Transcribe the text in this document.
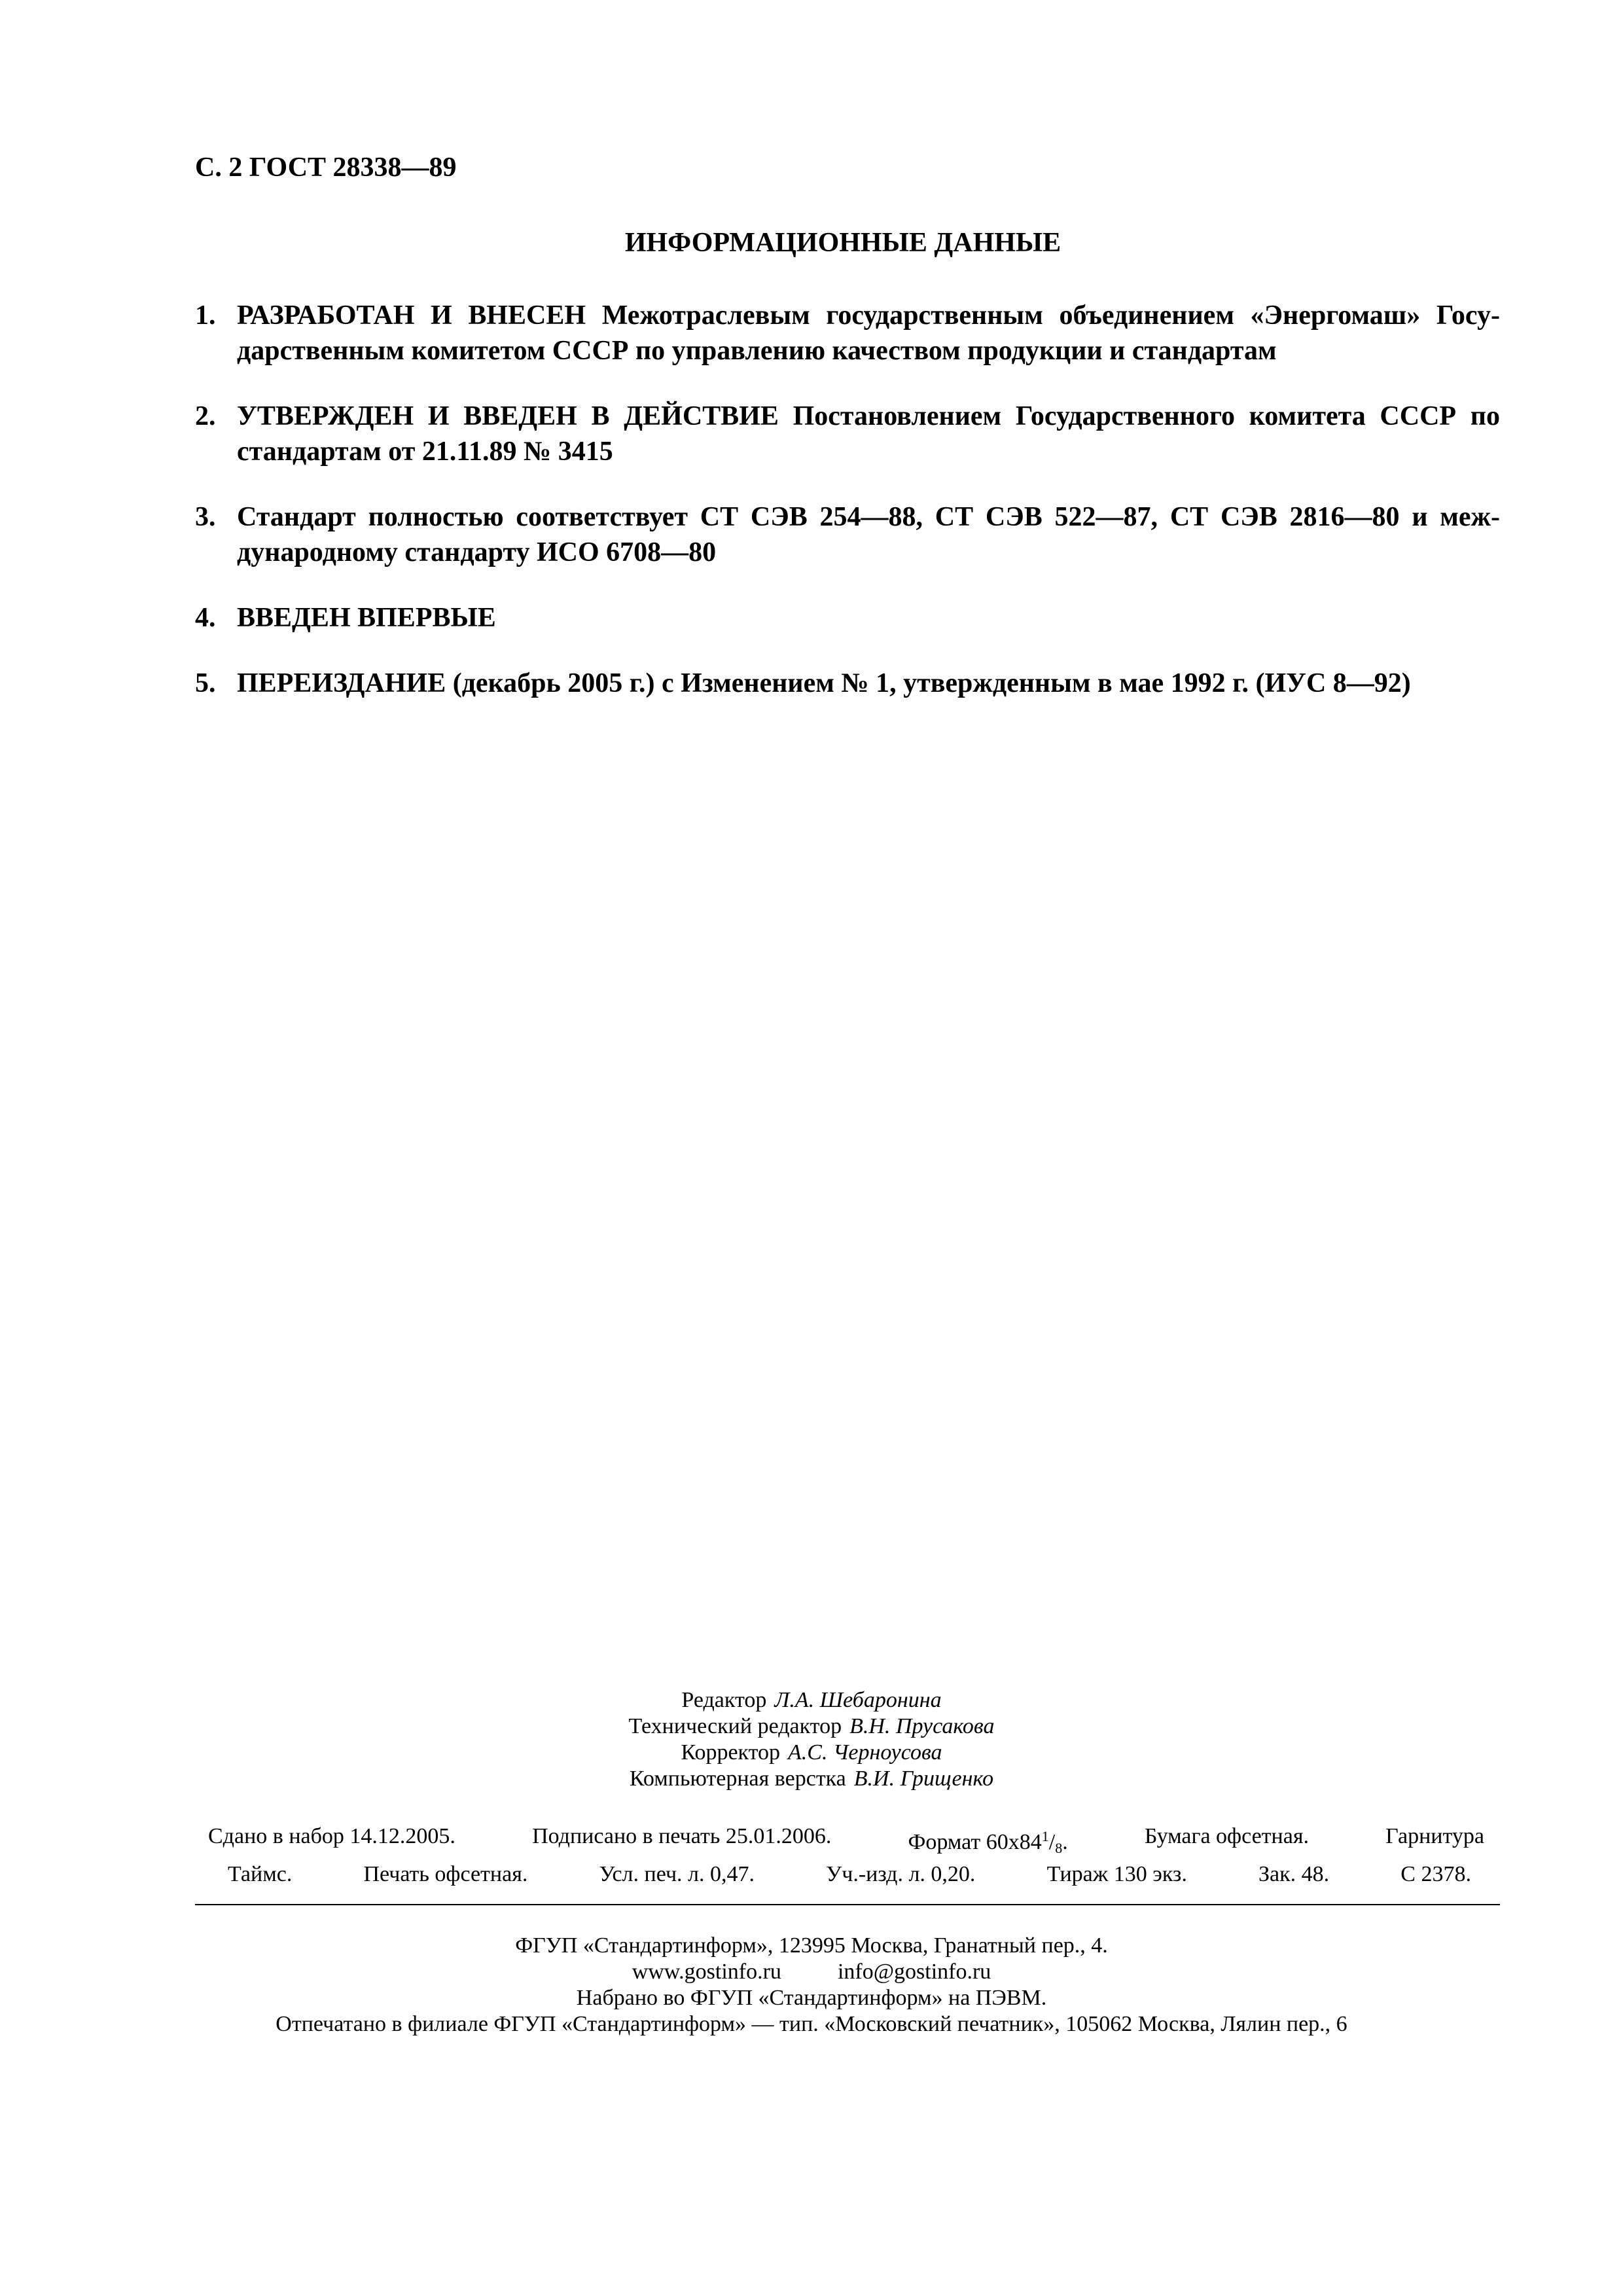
С. 2 ГОСТ 28338—89
ИНФОРМАЦИОННЫЕ ДАННЫЕ
1. РАЗРАБОТАН И ВНЕСЕН Межотраслевым государственным объединением «Энергомаш» Госу-
дарственным комитетом СССР по управлению качеством продукции и стандартам
2. УТВЕРЖДЕН И ВВЕДЕН В ДЕЙСТВИЕ Постановлением Государственного комитета СССР по
стандартам от 21.11.89 № 3415
3. Стандарт полностью соответствует СТ СЭВ 254—88, СТ СЭВ 522—87, СТ СЭВ 2816—80 и меж-
дународному стандарту ИСО 6708—80
4. ВВЕДЕН ВПЕРВЫЕ
5. ПЕРЕИЗДАНИЕ (декабрь 2005 г.) с Изменением № 1, утвержденным в мае 1992 г. (ИУС 8—92)
Редактор Л.А. Шебаронина
Технический редактор В.Н. Прусакова
Корректор А.С. Черноусова
Компьютерная верстка В.И. Грищенко
Сдано в набор 14.12.2005.	Подписано в печать 25.01.2006.	Формат $60x84^1/_8$.	Бумага офсетная.	Гарнитура
Таймс.	Печать офсетная.	Усл. печ. л. 0,47.	Уч.-изд. л. 0,20.	Тираж 130 экз.	Зак. 48.	С 2378.
ФГУП «Стандартинформ», 123995 Москва, Гранатный пер., 4.
www.gostinfo.ru	info@gostinfo.ru
Набрано во ФГУП «Стандартинформ» на ПЭВМ.
Отпечатано в филиале ФГУП «Стандартинформ» — тип. «Московский печатник», 105062 Москва, Лялин пер., 6
